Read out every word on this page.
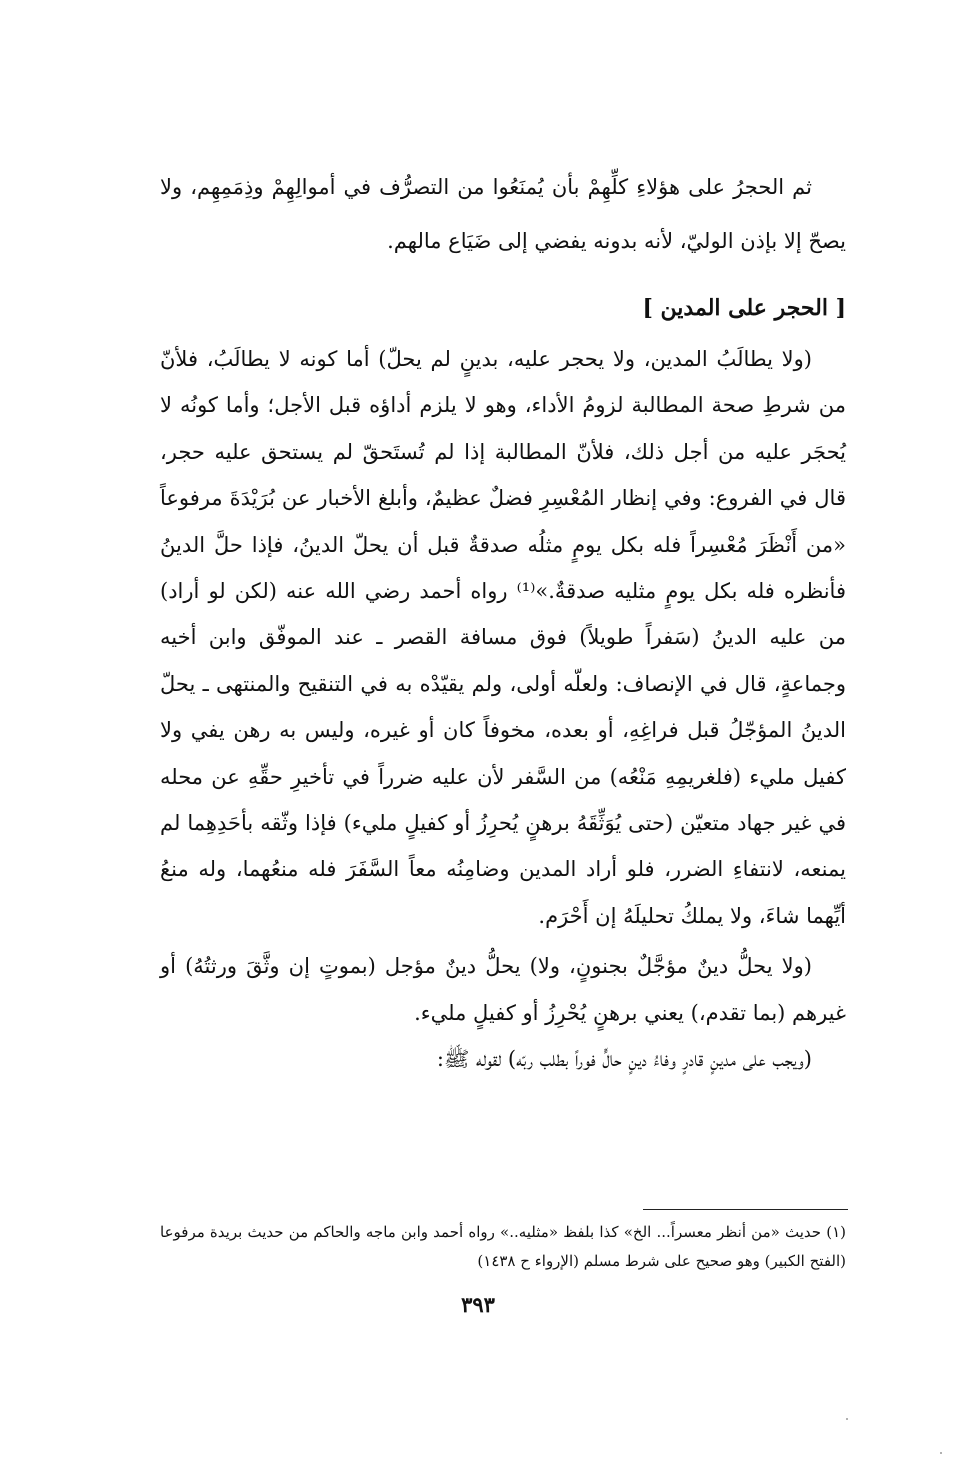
ثم الحجرُ على هؤلاءِ كلِّهِمْ بأن يُمنَعُوا من التصرُّف في أموالِهِمْ وذِمَمِهِم، ولا يصحّ إلا بإذن الوليّ، لأنه بدونه يفضي إلى ضَيَاع مالهم.

[ الحجر على المدين ]

(ولا يطالَبُ المدين، ولا يحجر عليه، بدينٍ لم يحلّ) أما كونه لا يطالَبُ، فلأنّ من شرطِ صحة المطالبة لزومُ الأداء، وهو لا يلزم أداؤه قبل الأجل؛ وأما كونُه لا يُحجَر عليه من أجل ذلك، فلأنّ المطالبة إذا لم تُستَحقّ لم يستحق عليه حجر، قال في الفروع: وفي إنظار المُعْسِرِ فضلٌ عظيمٌ، وأبلغ الأخبار عن بُرَيْدَةَ مرفوعاً «من أَنْظَرَ مُعْسِراً فله بكل يومٍ مثلُه صدقةٌ قبل أن يحلّ الدينُ، فإذا حلَّ الدينُ فأنظره فله بكل يومٍ مثليه صدقةٌ.»⁽¹⁾ رواه أحمد رضي الله عنه (لكن لو أراد) من عليه الدينُ (سَفراً طويلاً) فوق مسافة القصر ـ عند الموفّق وابن أخيه وجماعةٍ، قال في الإنصاف: ولعلّه أولى، ولم يقيّدْه به في التنقيح والمنتهى ـ يحلّ الدينُ المؤجّلُ قبل فراغِهِ، أو بعده، مخوفاً كان أو غيره، وليس به رهن يفي ولا كفيل مليء (فلغريمِهِ مَنْعُه) من السَّفر لأن عليه ضرراً في تأخيرِ حقِّهِ عن محله في غير جهاد متعيّن (حتى يُوَثِّقَهُ برهنٍ يُحرِزُ أو كفيلٍ مليء) فإذا وثّقه بأحَدِهِما لم يمنعه، لانتفاءِ الضرر، فلو أراد المدين وضامِنُه معاً السَّفَرَ فله منعُهما، وله منعُ أيِّهما شاءَ، ولا يملكُ تحليلَهُ إن أَحْرَم.

(ولا يحلُّ دينٌ مؤجَّلٌ بجنونٍ، ولا) يحلُّ دينٌ مؤجل (بموتٍ إن وثَّقَ ورثتُهُ) أو غيرهم (بما تقدم،) يعني برهنٍ يُحْرِزُ أو كفيلٍ مليء.

(ويجب على مدينٍ قادرٍ وفاءُ دينٍ حالٍّ فوراً بطلب ربّه) لقوله ﷺ:

(١) حديث «من أنظر معسراً... الخ» كذا بلفظ «مثليه..» رواه أحمد وابن ماجه والحاكم من حديث بريدة مرفوعا (الفتح الكبير) وهو صحيح على شرط مسلم (الإرواء ح ١٤٣٨)

٣٩٣
